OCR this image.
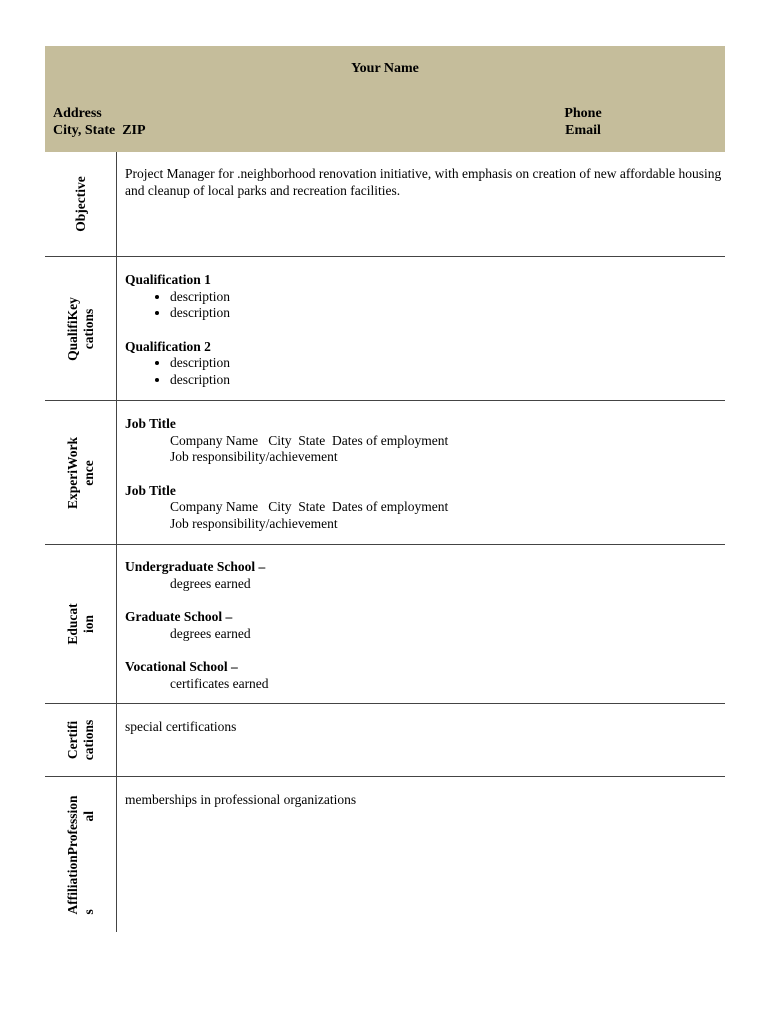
Your Name
Address
City, State  ZIP
Phone
Email
Objective
Project Manager for .neighborhood renovation initiative, with emphasis on creation of new affordable housing and cleanup of local parks and recreation facilities.
QualifiKey cations
Qualification 1
• description
• description
Qualification 2
• description
• description
ExperiWork ence
Job Title
Company Name   City  State  Dates of employment
Job responsibility/achievement
Job Title
Company Name   City  State  Dates of employment
Job responsibility/achievement
Educat ion
Undergraduate School –
degrees earned
Graduate School –
degrees earned
Vocational School –
certificates earned
Certifi cations special certifications
AffiliationProfession s                          al
memberships in professional organizations
